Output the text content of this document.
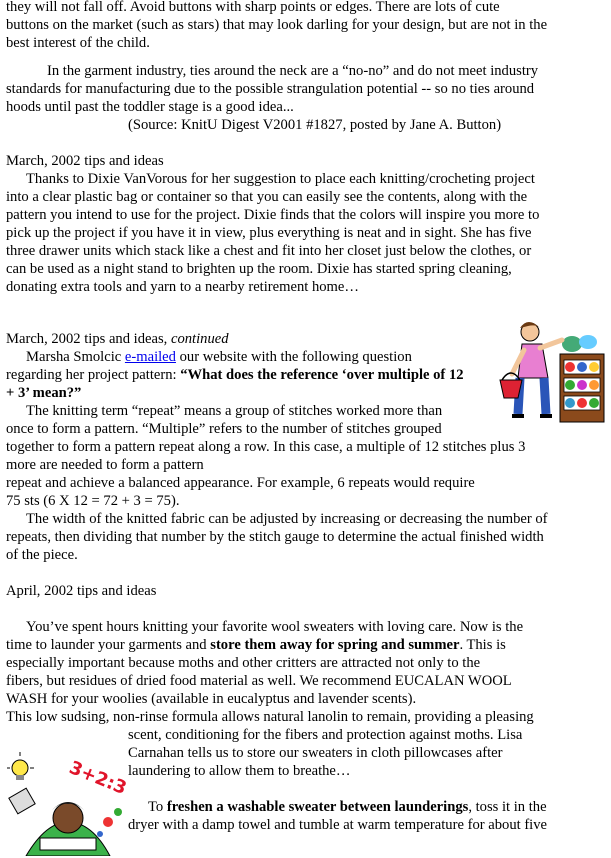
they will not fall off. Avoid buttons with sharp points or edges. There are lots of cute
buttons on the market (such as stars) that may look darling for your design, but are not in the
best interest of the child.
In the garment industry, ties around the neck are a “no-no” and do not meet industry
standards for manufacturing due to the possible strangulation potential -- so no ties around
hoods until past the toddler stage is a good idea...
(Source: KnitU Digest V2001 #1827, posted by Jane A. Button)
March, 2002 tips and ideas
Thanks to Dixie VanVorous for her suggestion to place each knitting/crocheting project
into a clear plastic bag or container so that you can easily see the contents, along with the
pattern you intend to use for the project. Dixie finds that the colors will inspire you more to
pick up the project if you have it in view, plus everything is neat and in sight. She has five
three drawer units which stack like a chest and fit into her closet just below the clothes, or
can be used as a night stand to brighten up the room. Dixie has started spring cleaning,
donating extra tools and yarn to a nearby retirement home…
March, 2002 tips and ideas, continued
Marsha Smolcic e-mailed our website with the following question
regarding her project pattern: “What does the reference ‘over multiple of 12
+ 3’ mean?”
The knitting term “repeat” means a group of stitches worked more than
once to form a pattern. “Multiple” refers to the number of stitches grouped
together to form a pattern repeat along a row. In this case, a multiple of 12 stitches plus 3
more are needed to form a pattern
repeat and achieve a balanced appearance. For example, 6 repeats would require
75 sts (6 X 12 = 72 + 3 = 75).
The width of the knitted fabric can be adjusted by increasing or decreasing the number of
repeats, then dividing that number by the stitch gauge to determine the actual finished width
of the piece.
April, 2002 tips and ideas
You’ve spent hours knitting your favorite wool sweaters with loving care. Now is the
time to launder your garments and store them away for spring and summer. This is
especially important because moths and other critters are attracted not only to the
fibers, but residues of dried food material as well. We recommend EUCALAN WOOL
WASH for your woolies (available in eucalyptus and lavender scents).
This low sudsing, non-rinse formula allows natural lanolin to remain, providing a pleasing
scent, conditioning for the fibers and protection against moths. Lisa
Carnahan tells us to store our sweaters in cloth pillowcases after
laundering to allow them to breathe…
To freshen a washable sweater between launderings, toss it in the
dryer with a damp towel and tumble at warm temperature for about five
3+2:3
